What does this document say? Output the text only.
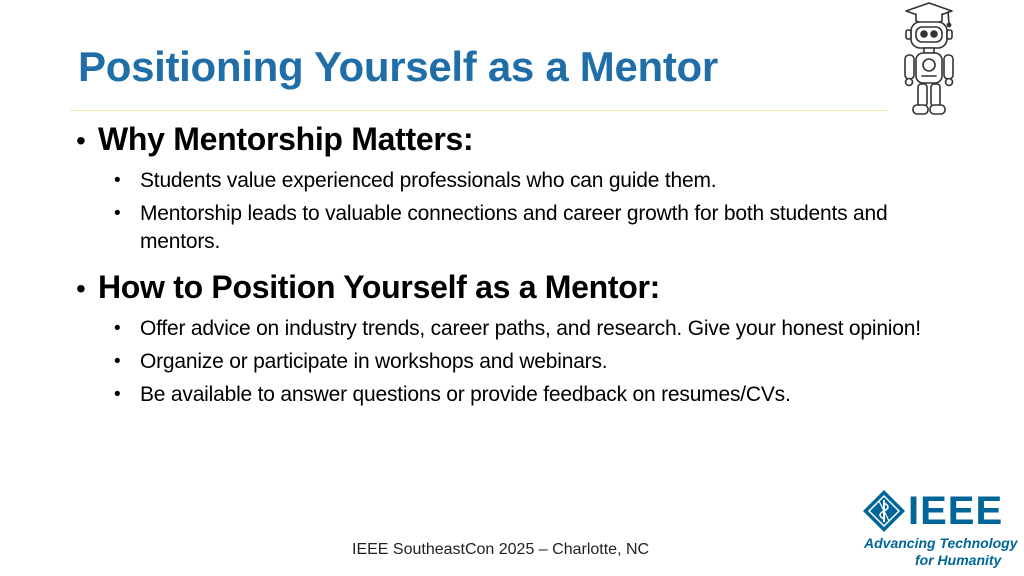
Positioning Yourself as a Mentor
• Why Mentorship Matters:
• Students value experienced professionals who can guide them.
• Mentorship leads to valuable connections and career growth for both students and mentors.
• How to Position Yourself as a Mentor:
• Offer advice on industry trends, career paths, and research. Give your honest opinion!
• Organize or participate in workshops and webinars.
• Be available to answer questions or provide feedback on resumes/CVs.
IEEE SoutheastCon 2025 – Charlotte, NC
IEEE
Advancing Technology
for Humanity
